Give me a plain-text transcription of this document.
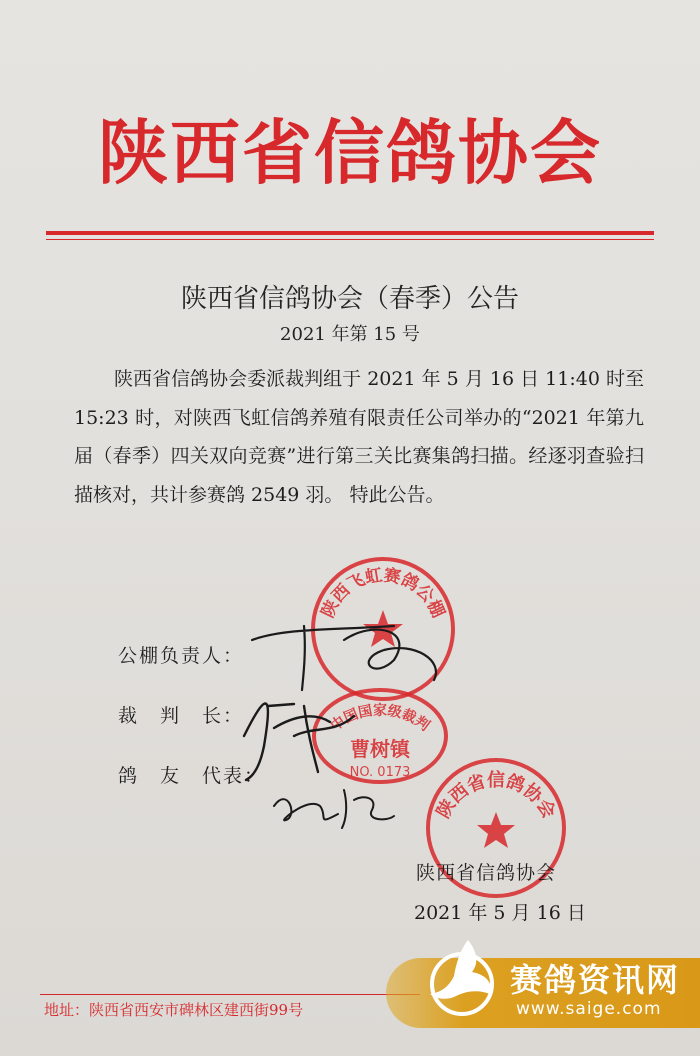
陕西省信鸽协会
陕西省信鸽协会（春季）公告
2021 年第 15 号
陕西省信鸽协会委派裁判组于 2021 年 5 月 16 日 11:40 时至 15:23 时，对陕西飞虹信鸽养殖有限责任公司举办的“2021 年第九届（春季）四关双向竞赛”进行第三关比赛集鸽扫描。经逐羽查验扫描核对，共计参赛鸽 2549 羽。 特此公告。
公棚负责人：
裁　判　长：
鸽　友　代表：
陕西飞虹赛鸽公棚
中国国家级裁判
曹树镇
NO. 0173
陕西省信鸽协会
陕西省信鸽协会
2021 年 5 月 16 日
地址：陕西省西安市碑林区建西街99号
赛鸽资讯网
www.saige.com
